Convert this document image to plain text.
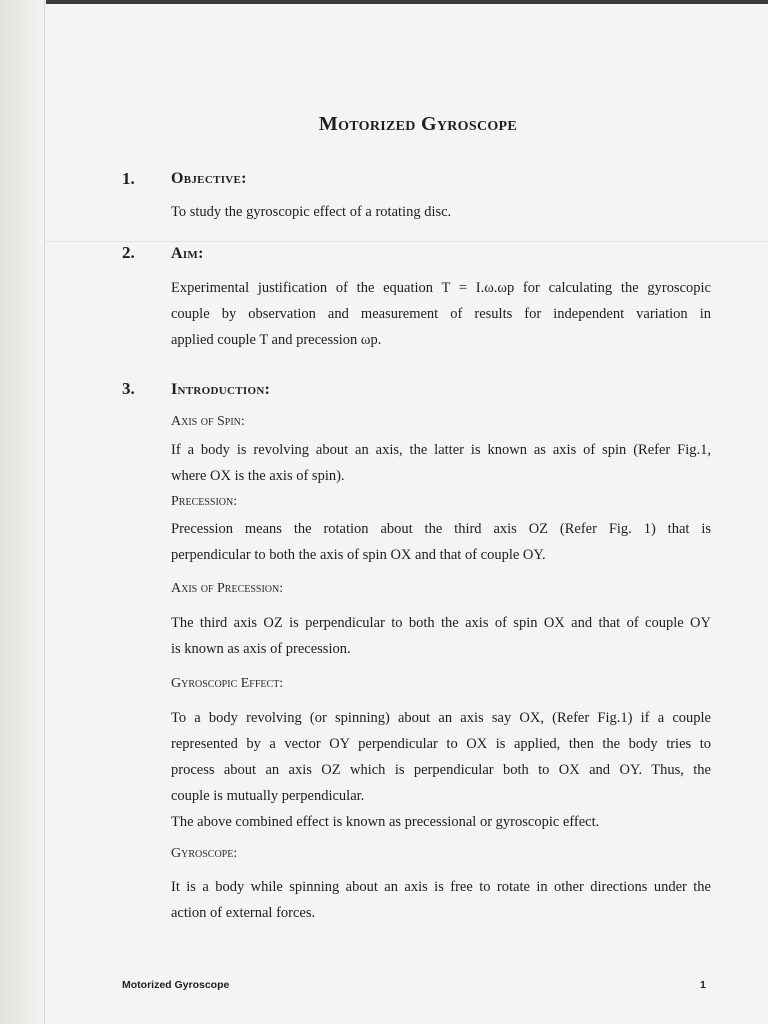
Motorized Gyroscope
1. Objective:
To study the gyroscopic effect of a rotating disc.
2. Aim:
Experimental justification of the equation T = I.ω.ωp for calculating the gyroscopic
couple by observation and measurement of results for independent variation in
applied couple T and precession ωp.
3. Introduction:
Axis of Spin:
If a body is revolving about an axis, the latter is known as axis of spin (Refer Fig.1,
where OX is the axis of spin).
Precession:
Precession means the rotation about the third axis OZ (Refer Fig. 1) that is
perpendicular to both the axis of spin OX and that of couple OY.
Axis of Precession:
The third axis OZ is perpendicular to both the axis of spin OX and that of couple OY
is known as axis of precession.
Gyroscopic Effect:
To a body revolving (or spinning) about an axis say OX, (Refer Fig.1) if a couple
represented by a vector OY perpendicular to OX is applied, then the body tries to
process about an axis OZ which is perpendicular both to OX and OY. Thus, the
couple is mutually perpendicular.
The above combined effect is known as precessional or gyroscopic effect.
Gyroscope:
It is a body while spinning about an axis is free to rotate in other directions under the
action of external forces.
Motorized Gyroscope	1
